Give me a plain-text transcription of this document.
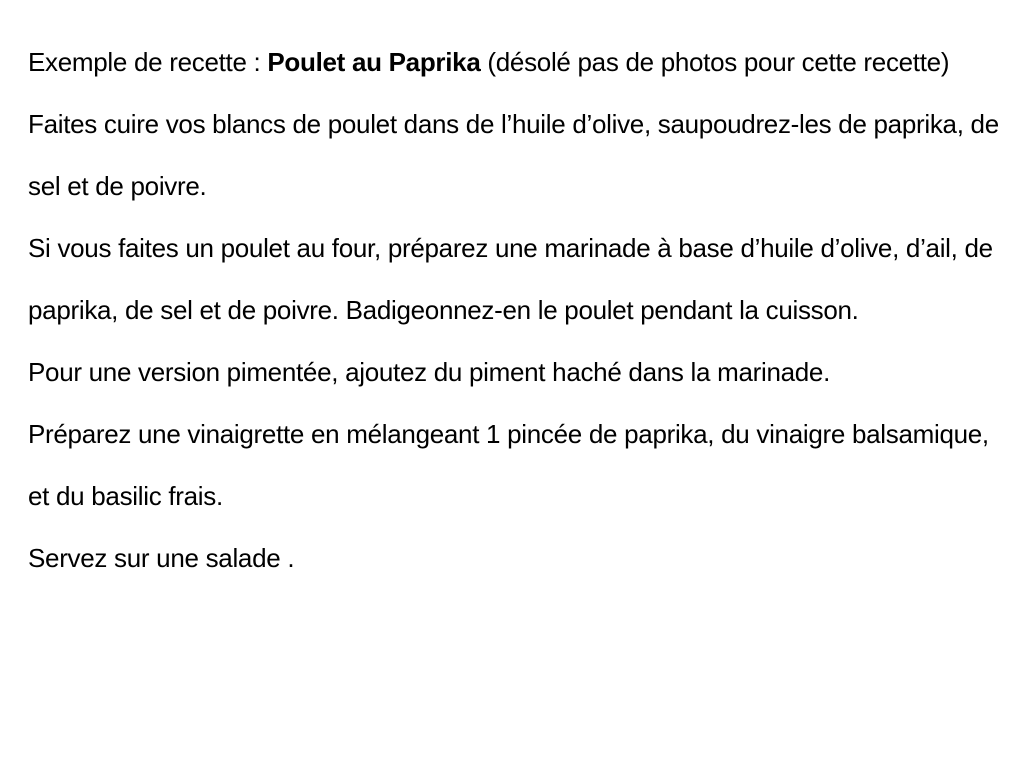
Exemple de recette : Poulet au Paprika (désolé pas de photos pour cette recette)

Faites cuire vos blancs de poulet dans de l’huile d’olive, saupoudrez-les de paprika, de sel et de poivre.

Si vous faites un poulet au four, préparez une marinade à base d’huile d’olive, d’ail, de paprika, de sel et de poivre. Badigeonnez-en le poulet pendant la cuisson.

Pour une version pimentée, ajoutez du piment haché dans la marinade.

Préparez une vinaigrette en mélangeant 1 pincée de paprika, du vinaigre balsamique, et du basilic frais.

Servez sur une salade .
